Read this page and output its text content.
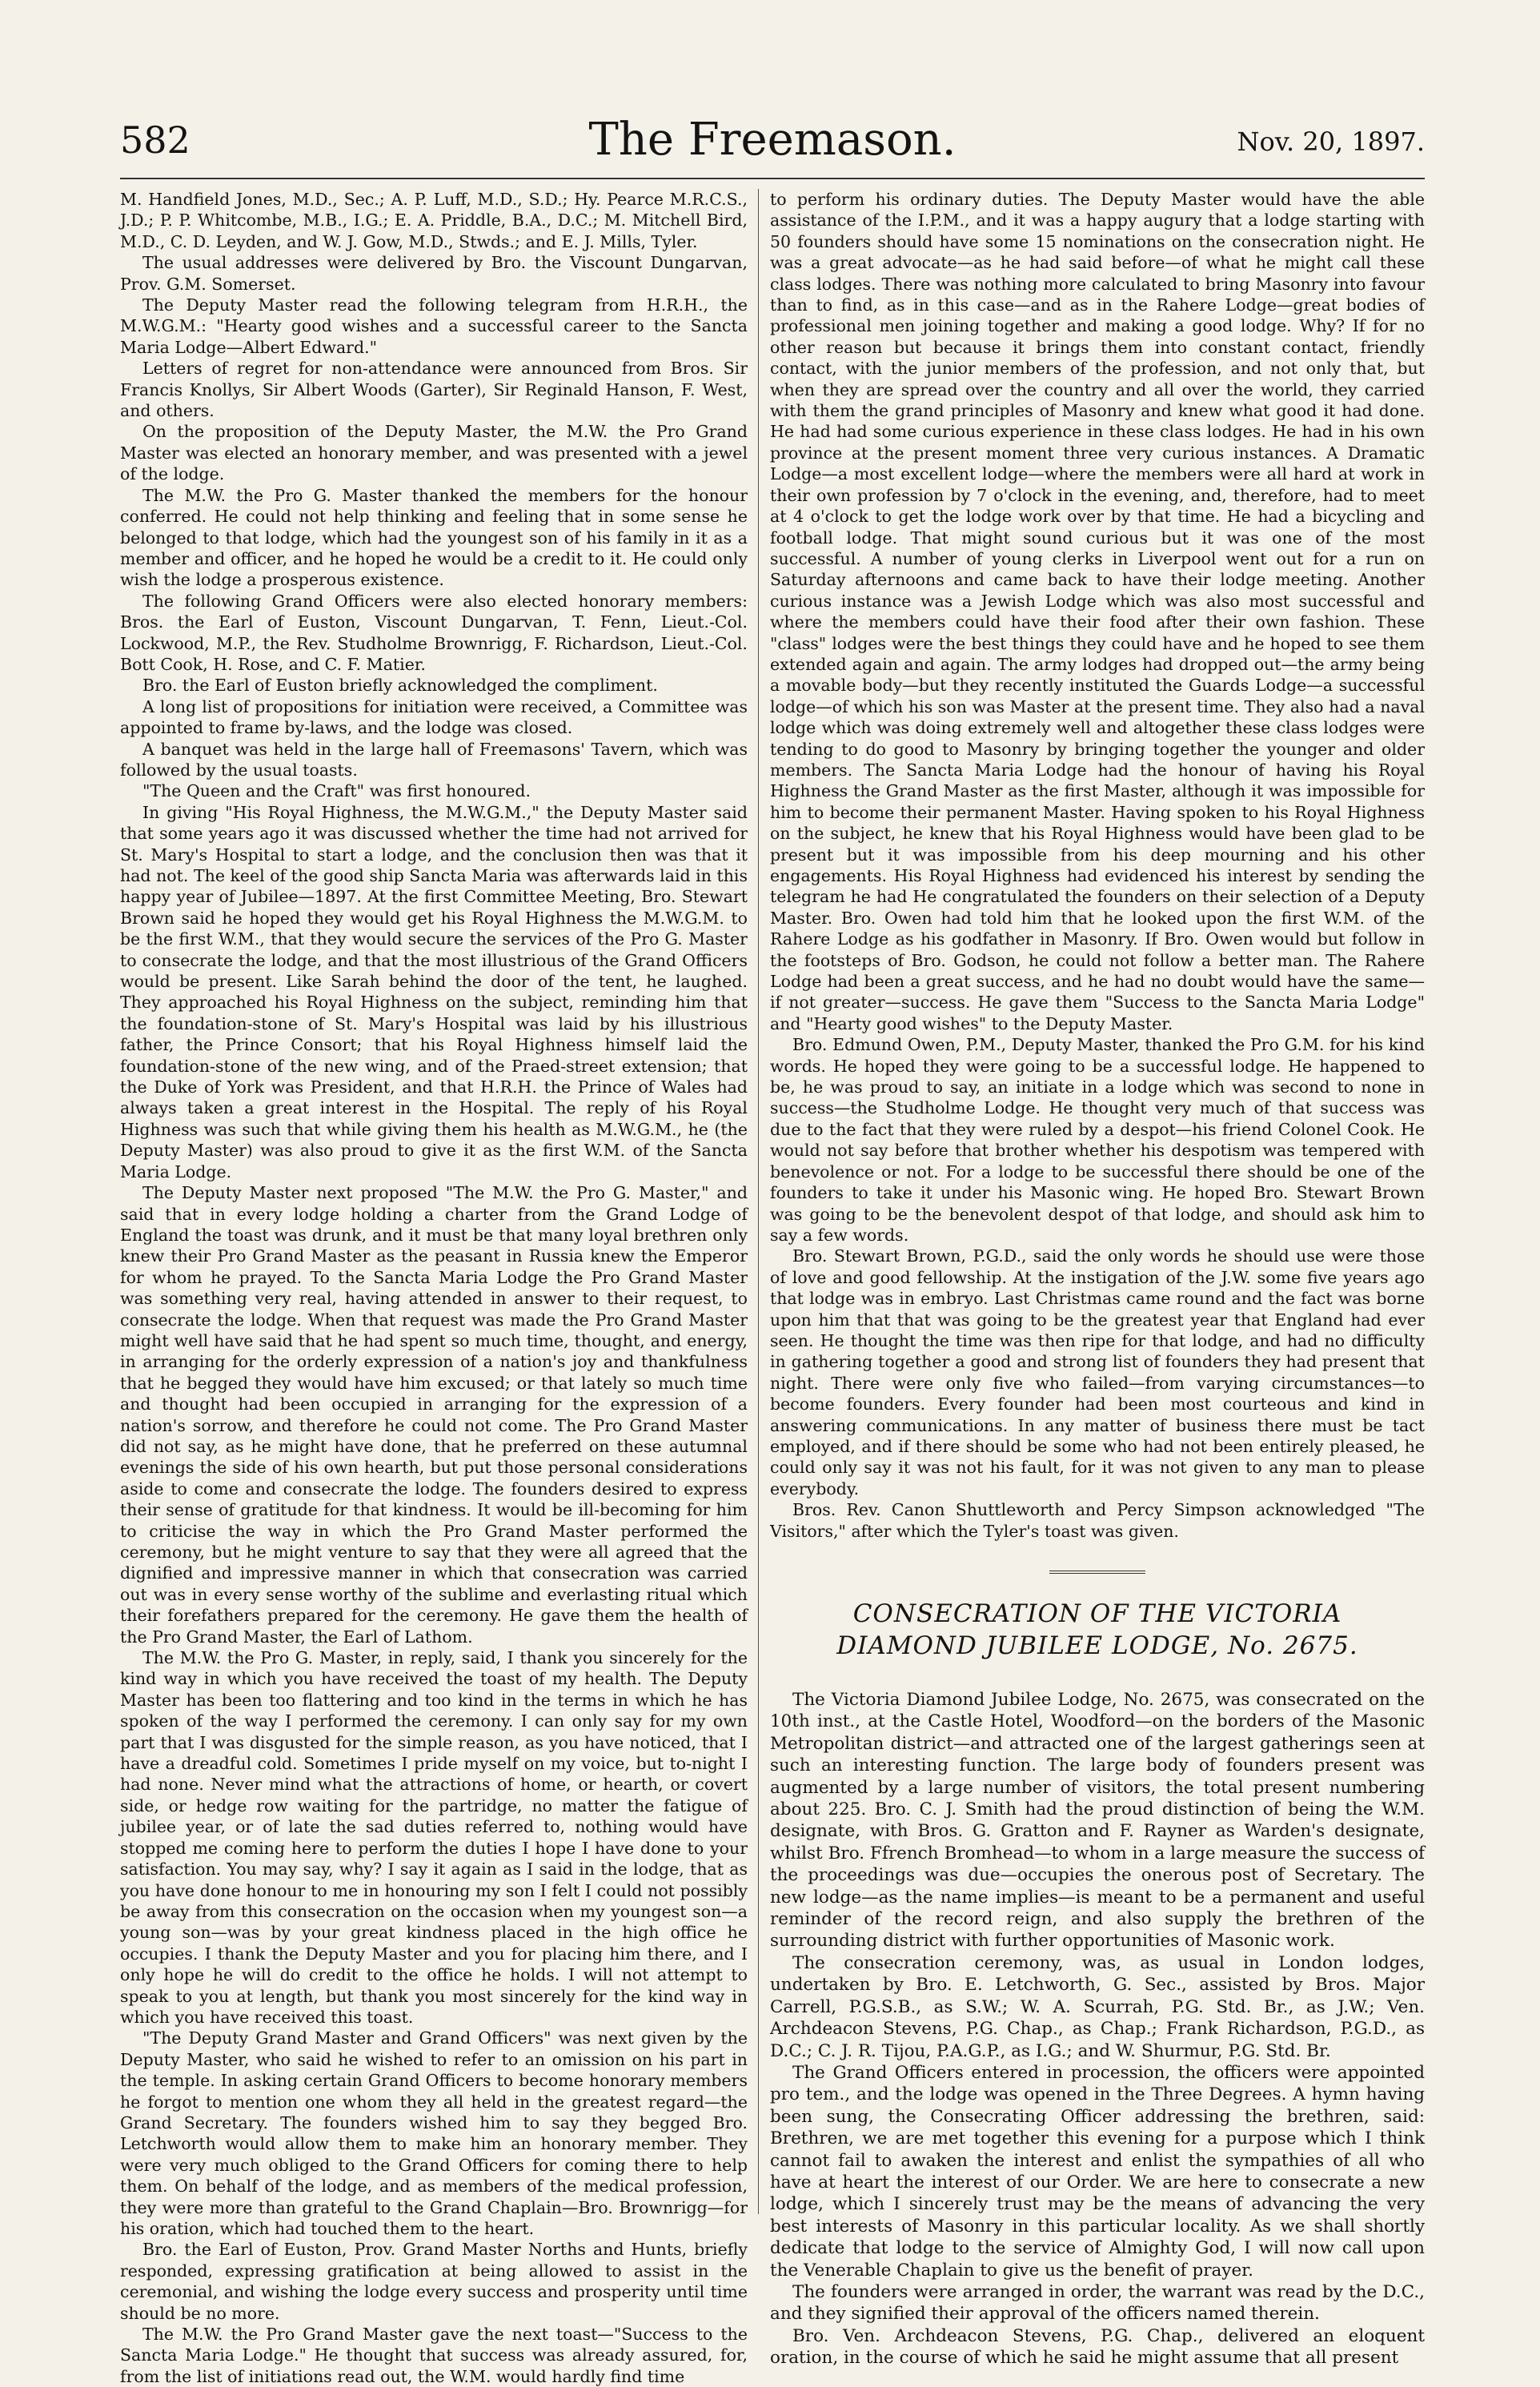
582	The Freemason.	Nov. 20, 1897.

M. Handfield Jones, M.D., Sec.; A. P. Luff, M.D., S.D.; Hy. Pearce M.R.C.S., J.D.; P. P. Whitcombe, M.B., I.G.; E. A. Priddle, B.A., D.C.; M. Mitchell Bird, M.D., C. D. Leyden, and W. J. Gow, M.D., Stwds.; and E. J. Mills, Tyler.

The usual addresses were delivered by Bro. the Viscount Dungarvan, Prov. G.M. Somerset.

The Deputy Master read the following telegram from H.R.H., the M.W.G.M.: "Hearty good wishes and a successful career to the Sancta Maria Lodge—Albert Edward."

Letters of regret for non-attendance were announced from Bros. Sir Francis Knollys, Sir Albert Woods (Garter), Sir Reginald Hanson, F. West, and others.

On the proposition of the Deputy Master, the M.W. the Pro Grand Master was elected an honorary member, and was presented with a jewel of the lodge.

The M.W. the Pro G. Master thanked the members for the honour conferred. He could not help thinking and feeling that in some sense he belonged to that lodge, which had the youngest son of his family in it as a member and officer, and he hoped he would be a credit to it. He could only wish the lodge a prosperous existence.

The following Grand Officers were also elected honorary members: Bros. the Earl of Euston, Viscount Dungarvan, T. Fenn, Lieut.-Col. Lockwood, M.P., the Rev. Studholme Brownrigg, F. Richardson, Lieut.-Col. Bott Cook, H. Rose, and C. F. Matier.

Bro. the Earl of Euston briefly acknowledged the compliment.

A long list of propositions for initiation were received, a Committee was appointed to frame by-laws, and the lodge was closed.

A banquet was held in the large hall of Freemasons' Tavern, which was followed by the usual toasts.

"The Queen and the Craft" was first honoured.

In giving "His Royal Highness, the M.W.G.M.," the Deputy Master said that some years ago it was discussed whether the time had not arrived for St. Mary's Hospital to start a lodge, and the conclusion then was that it had not. The keel of the good ship Sancta Maria was afterwards laid in this happy year of Jubilee—1897. At the first Committee Meeting, Bro. Stewart Brown said he hoped they would get his Royal Highness the M.W.G.M. to be the first W.M., that they would secure the services of the Pro G. Master to consecrate the lodge, and that the most illustrious of the Grand Officers would be present. Like Sarah behind the door of the tent, he laughed. They approached his Royal Highness on the subject, reminding him that the foundation-stone of St. Mary's Hospital was laid by his illustrious father, the Prince Consort; that his Royal Highness himself laid the foundation-stone of the new wing, and of the Praed-street extension; that the Duke of York was President, and that H.R.H. the Prince of Wales had always taken a great interest in the Hospital. The reply of his Royal Highness was such that while giving them his health as M.W.G.M., he (the Deputy Master) was also proud to give it as the first W.M. of the Sancta Maria Lodge.

The Deputy Master next proposed "The M.W. the Pro G. Master," and said that in every lodge holding a charter from the Grand Lodge of England the toast was drunk, and it must be that many loyal brethren only knew their Pro Grand Master as the peasant in Russia knew the Emperor for whom he prayed. To the Sancta Maria Lodge the Pro Grand Master was something very real, having attended in answer to their request, to consecrate the lodge. When that request was made the Pro Grand Master might well have said that he had spent so much time, thought, and energy, in arranging for the orderly expression of a nation's joy and thankfulness that he begged they would have him excused; or that lately so much time and thought had been occupied in arranging for the expression of a nation's sorrow, and therefore he could not come. The Pro Grand Master did not say, as he might have done, that he preferred on these autumnal evenings the side of his own hearth, but put those personal considerations aside to come and consecrate the lodge. The founders desired to express their sense of gratitude for that kindness. It would be ill-becoming for him to criticise the way in which the Pro Grand Master performed the ceremony, but he might venture to say that they were all agreed that the dignified and impressive manner in which that consecration was carried out was in every sense worthy of the sublime and everlasting ritual which their forefathers prepared for the ceremony. He gave them the health of the Pro Grand Master, the Earl of Lathom.

The M.W. the Pro G. Master, in reply, said, I thank you sincerely for the kind way in which you have received the toast of my health. The Deputy Master has been too flattering and too kind in the terms in which he has spoken of the way I performed the ceremony. I can only say for my own part that I was disgusted for the simple reason, as you have noticed, that I have a dreadful cold. Sometimes I pride myself on my voice, but to-night I had none. Never mind what the attractions of home, or hearth, or covert side, or hedge row waiting for the partridge, no matter the fatigue of jubilee year, or of late the sad duties referred to, nothing would have stopped me coming here to perform the duties I hope I have done to your satisfaction. You may say, why? I say it again as I said in the lodge, that as you have done honour to me in honouring my son I felt I could not possibly be away from this consecration on the occasion when my youngest son—a young son—was by your great kindness placed in the high office he occupies. I thank the Deputy Master and you for placing him there, and I only hope he will do credit to the office he holds. I will not attempt to speak to you at length, but thank you most sincerely for the kind way in which you have received this toast.

"The Deputy Grand Master and Grand Officers" was next given by the Deputy Master, who said he wished to refer to an omission on his part in the temple. In asking certain Grand Officers to become honorary members he forgot to mention one whom they all held in the greatest regard—the Grand Secretary. The founders wished him to say they begged Bro. Letchworth would allow them to make him an honorary member. They were very much obliged to the Grand Officers for coming there to help them. On behalf of the lodge, and as members of the medical profession, they were more than grateful to the Grand Chaplain—Bro. Brownrigg—for his oration, which had touched them to the heart.

Bro. the Earl of Euston, Prov. Grand Master Norths and Hunts, briefly responded, expressing gratification at being allowed to assist in the ceremonial, and wishing the lodge every success and prosperity until time should be no more.

The M.W. the Pro Grand Master gave the next toast—"Success to the Sancta Maria Lodge." He thought that success was already assured, for, from the list of initiations read out, the W.M. would hardly find time

to perform his ordinary duties. The Deputy Master would have the able assistance of the I.P.M., and it was a happy augury that a lodge starting with 50 founders should have some 15 nominations on the consecration night. He was a great advocate—as he had said before—of what he might call these class lodges. There was nothing more calculated to bring Masonry into favour than to find, as in this case—and as in the Rahere Lodge—great bodies of professional men joining together and making a good lodge. Why? If for no other reason but because it brings them into constant contact, friendly contact, with the junior members of the profession, and not only that, but when they are spread over the country and all over the world, they carried with them the grand principles of Masonry and knew what good it had done. He had had some curious experience in these class lodges. He had in his own province at the present moment three very curious instances. A Dramatic Lodge—a most excellent lodge—where the members were all hard at work in their own profession by 7 o'clock in the evening, and, therefore, had to meet at 4 o'clock to get the lodge work over by that time. He had a bicycling and football lodge. That might sound curious but it was one of the most successful. A number of young clerks in Liverpool went out for a run on Saturday afternoons and came back to have their lodge meeting. Another curious instance was a Jewish Lodge which was also most successful and where the members could have their food after their own fashion. These "class" lodges were the best things they could have and he hoped to see them extended again and again. The army lodges had dropped out—the army being a movable body—but they recently instituted the Guards Lodge—a successful lodge—of which his son was Master at the present time. They also had a naval lodge which was doing extremely well and altogether these class lodges were tending to do good to Masonry by bringing together the younger and older members. The Sancta Maria Lodge had the honour of having his Royal Highness the Grand Master as the first Master, although it was impossible for him to become their permanent Master. Having spoken to his Royal Highness on the subject, he knew that his Royal Highness would have been glad to be present but it was impossible from his deep mourning and his other engagements. His Royal Highness had evidenced his interest by sending the telegram he had He congratulated the founders on their selection of a Deputy Master. Bro. Owen had told him that he looked upon the first W.M. of the Rahere Lodge as his godfather in Masonry. If Bro. Owen would but follow in the footsteps of Bro. Godson, he could not follow a better man. The Rahere Lodge had been a great success, and he had no doubt would have the same—if not greater—success. He gave them "Success to the Sancta Maria Lodge" and "Hearty good wishes" to the Deputy Master.

Bro. Edmund Owen, P.M., Deputy Master, thanked the Pro G.M. for his kind words. He hoped they were going to be a successful lodge. He happened to be, he was proud to say, an initiate in a lodge which was second to none in success—the Studholme Lodge. He thought very much of that success was due to the fact that they were ruled by a despot—his friend Colonel Cook. He would not say before that brother whether his despotism was tempered with benevolence or not. For a lodge to be successful there should be one of the founders to take it under his Masonic wing. He hoped Bro. Stewart Brown was going to be the benevolent despot of that lodge, and should ask him to say a few words.

Bro. Stewart Brown, P.G.D., said the only words he should use were those of love and good fellowship. At the instigation of the J.W. some five years ago that lodge was in embryo. Last Christmas came round and the fact was borne upon him that that was going to be the greatest year that England had ever seen. He thought the time was then ripe for that lodge, and had no difficulty in gathering together a good and strong list of founders they had present that night. There were only five who failed—from varying circumstances—to become founders. Every founder had been most courteous and kind in answering communications. In any matter of business there must be tact employed, and if there should be some who had not been entirely pleased, he could only say it was not his fault, for it was not given to any man to please everybody.

Bros. Rev. Canon Shuttleworth and Percy Simpson acknowledged "The Visitors," after which the Tyler's toast was given.

CONSECRATION OF THE VICTORIA DIAMOND JUBILEE LODGE, No. 2675.

The Victoria Diamond Jubilee Lodge, No. 2675, was consecrated on the 10th inst., at the Castle Hotel, Woodford—on the borders of the Masonic Metropolitan district—and attracted one of the largest gatherings seen at such an interesting function. The large body of founders present was augmented by a large number of visitors, the total present numbering about 225. Bro. C. J. Smith had the proud distinction of being the W.M. designate, with Bros. G. Gratton and F. Rayner as Warden's designate, whilst Bro. Ffrench Bromhead—to whom in a large measure the success of the proceedings was due—occupies the onerous post of Secretary. The new lodge—as the name implies—is meant to be a permanent and useful reminder of the record reign, and also supply the brethren of the surrounding district with further opportunities of Masonic work.

The consecration ceremony, was, as usual in London lodges, undertaken by Bro. E. Letchworth, G. Sec., assisted by Bros. Major Carrell, P.G.S.B., as S.W.; W. A. Scurrah, P.G. Std. Br., as J.W.; Ven. Archdeacon Stevens, P.G. Chap., as Chap.; Frank Richardson, P.G.D., as D.C.; C. J. R. Tijou, P.A.G.P., as I.G.; and W. Shurmur, P.G. Std. Br.

The Grand Officers entered in procession, the officers were appointed pro tem., and the lodge was opened in the Three Degrees. A hymn having been sung, the Consecrating Officer addressing the brethren, said: Brethren, we are met together this evening for a purpose which I think cannot fail to awaken the interest and enlist the sympathies of all who have at heart the interest of our Order. We are here to consecrate a new lodge, which I sincerely trust may be the means of advancing the very best interests of Masonry in this particular locality. As we shall shortly dedicate that lodge to the service of Almighty God, I will now call upon the Venerable Chaplain to give us the benefit of prayer.

The founders were arranged in order, the warrant was read by the D.C., and they signified their approval of the officers named therein.

Bro. Ven. Archdeacon Stevens, P.G. Chap., delivered an eloquent oration, in the course of which he said he might assume that all present
